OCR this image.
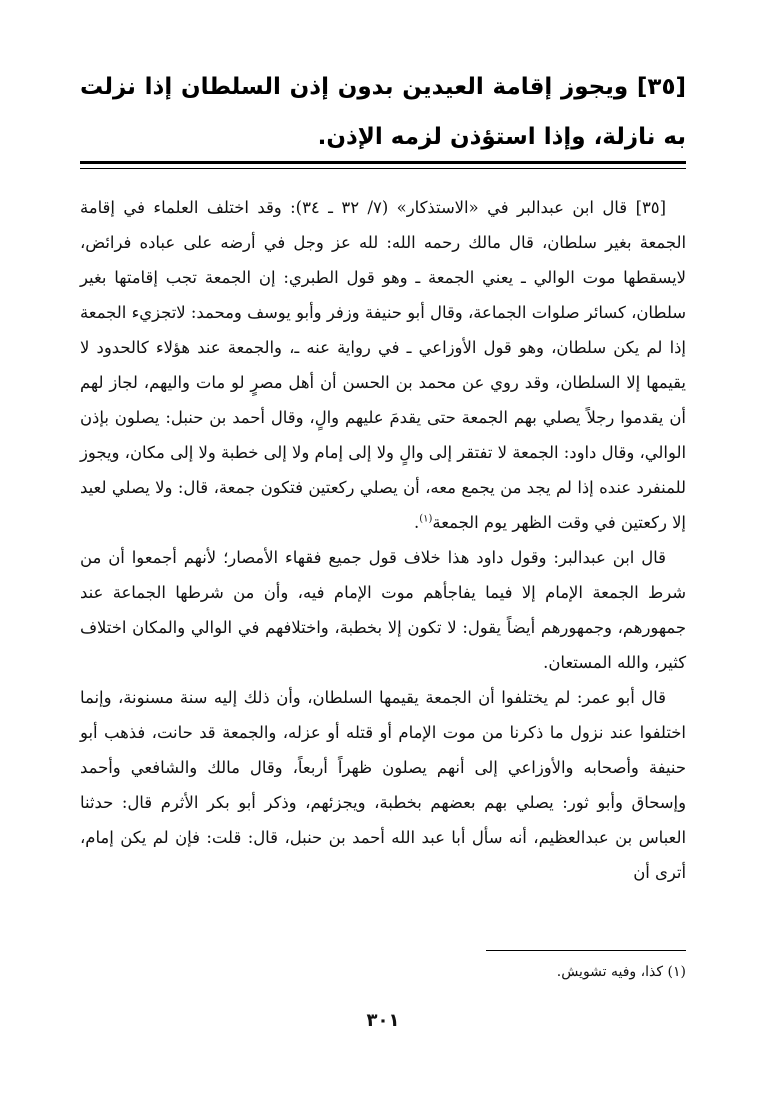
[٣٥] ويجوز إقامة العيدين بدون إذن السلطان إذا نزلت به نازلة، وإذا استؤذن لزمه الإذن.

[٣٥] قال ابن عبدالبر في «الاستذكار» (٧/ ٣٢ ـ ٣٤): وقد اختلف العلماء في إقامة الجمعة بغير سلطان، قال مالك رحمه الله: لله عز وجل في أرضه على عباده فرائض، لايسقطها موت الوالي ـ يعني الجمعة ـ وهو قول الطبري: إن الجمعة تجب إقامتها بغير سلطان، كسائر صلوات الجماعة، وقال أبو حنيفة وزفر وأبو يوسف ومحمد: لاتجزيء الجمعة إذا لم يكن سلطان، وهو قول الأوزاعي ـ في رواية عنه ـ، والجمعة عند هؤلاء كالحدود لا يقيمها إلا السلطان، وقد روي عن محمد بن الحسن أن أهل مصرٍ لو مات واليهم، لجاز لهم أن يقدموا رجلاً يصلي بهم الجمعة حتى يقدمَ عليهم والٍ، وقال أحمد بن حنبل: يصلون بإذن الوالي، وقال داود: الجمعة لا تفتقر إلى والٍ ولا إلى إمام ولا إلى خطبة ولا إلى مكان، ويجوز للمنفرد عنده إذا لم يجد من يجمع معه، أن يصلي ركعتين فتكون جمعة، قال: ولا يصلي لعيد إلا ركعتين في وقت الظهر يوم الجمعة$^{(١)}$.

قال ابن عبدالبر: وقول داود هذا خلاف قول جميع فقهاء الأمصار؛ لأنهم أجمعوا أن من شرط الجمعة الإمام إلا فيما يفاجأهم موت الإمام فيه، وأن من شرطها الجماعة عند جمهورهم، وجمهورهم أيضاً يقول: لا تكون إلا بخطبة، واختلافهم في الوالي والمكان اختلاف كثير، والله المستعان.

قال أبو عمر: لم يختلفوا أن الجمعة يقيمها السلطان، وأن ذلك إليه سنة مسنونة، وإنما اختلفوا عند نزول ما ذكرنا من موت الإمام أو قتله أو عزله، والجمعة قد حانت، فذهب أبو حنيفة وأصحابه والأوزاعي إلى أنهم يصلون ظهراً أربعاً، وقال مالك والشافعي وأحمد وإسحاق وأبو ثور: يصلي بهم بعضهم بخطبة، ويجزئهم، وذكر أبو بكر الأثرم قال: حدثنا العباس بن عبدالعظيم، أنه سأل أبا عبد الله أحمد بن حنبل، قال: قلت: فإن لم يكن إمام، أترى أن

(١) كذا، وفيه تشويش.
٣٠١
